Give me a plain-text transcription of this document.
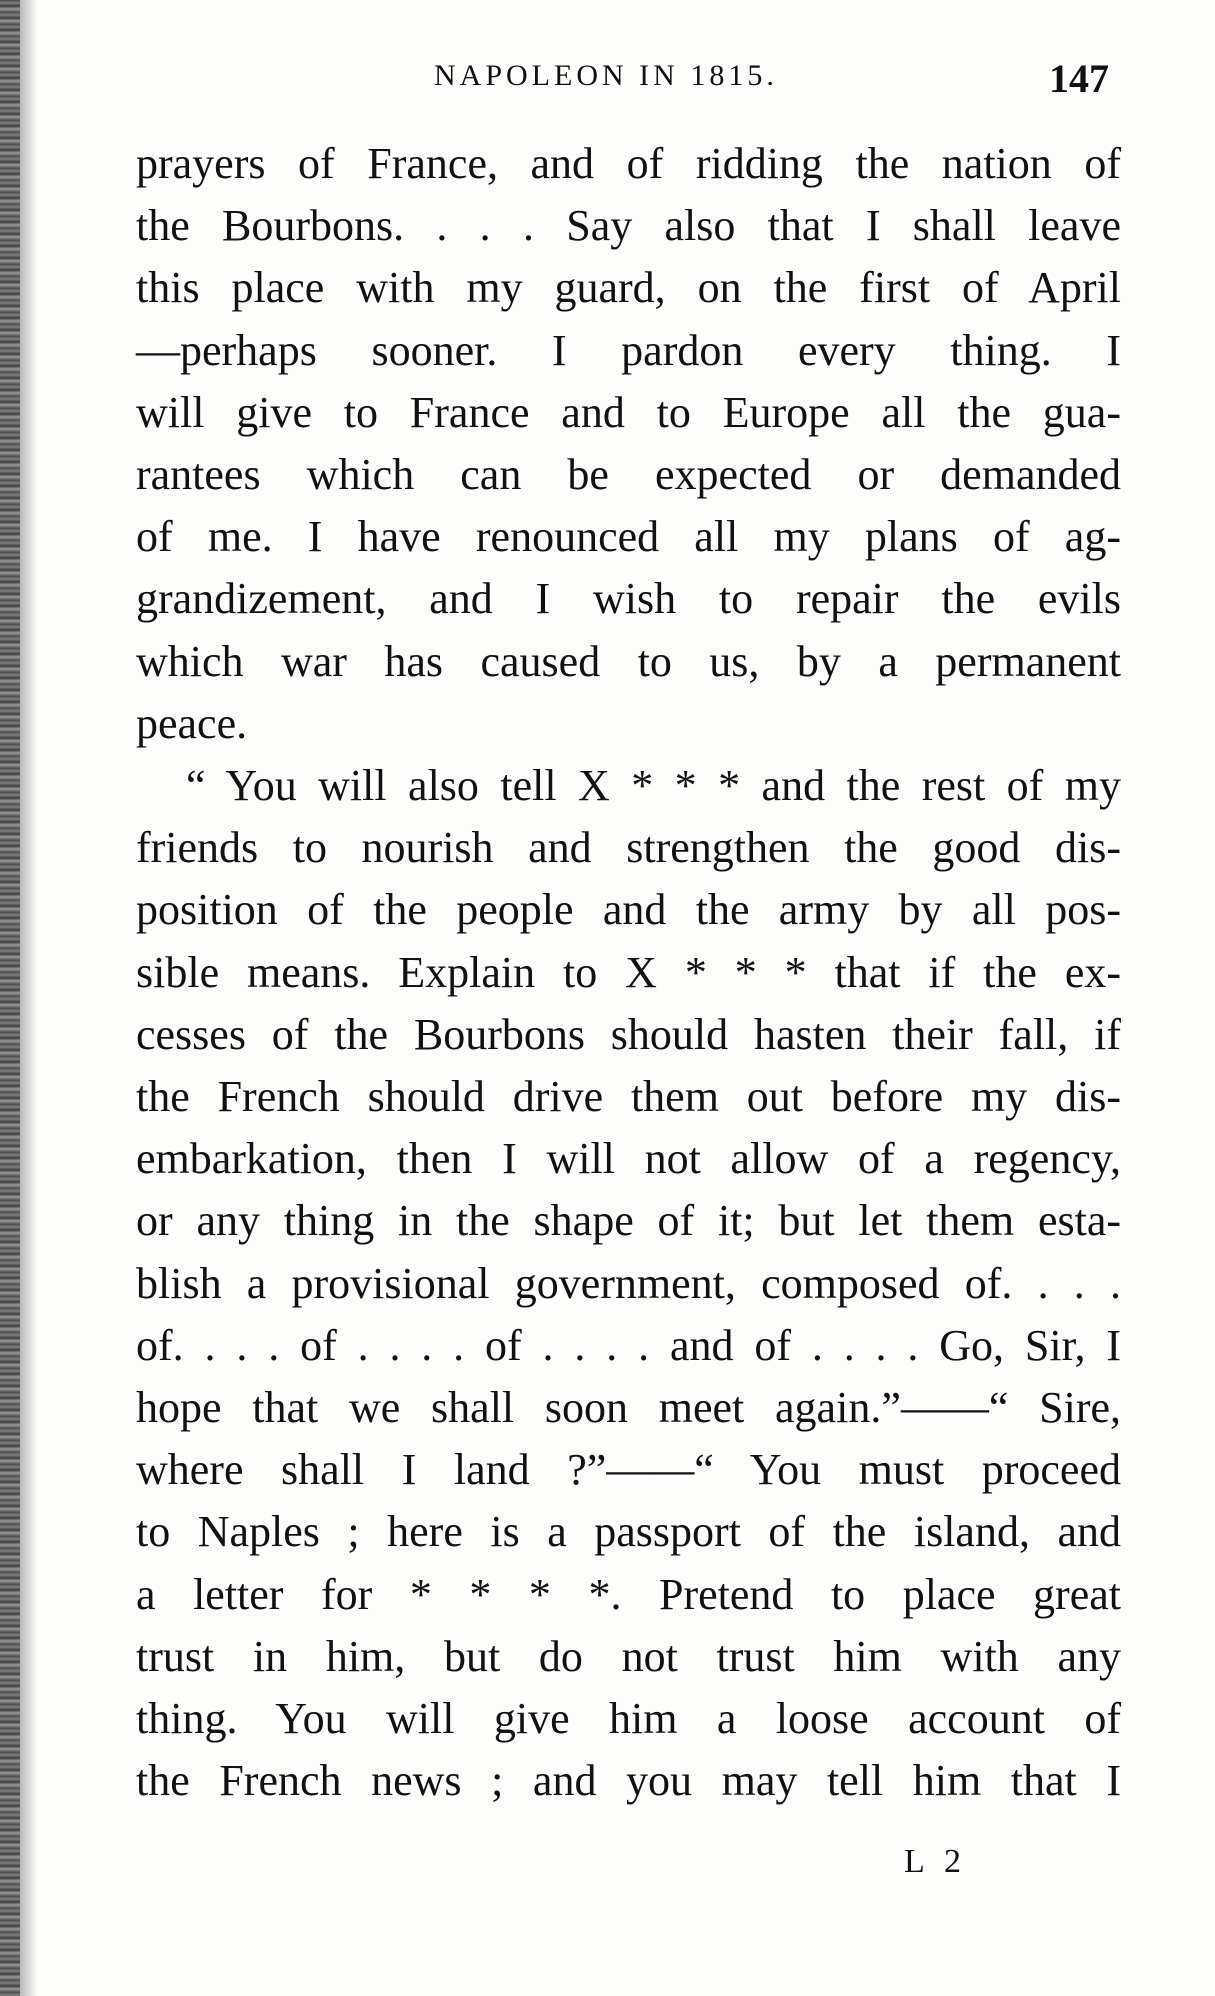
NAPOLEON IN 1815.	147
prayers of France, and of ridding the nation of
the Bourbons. . . . Say also that I shall leave
this place with my guard, on the first of April
—perhaps sooner. I pardon every thing. I
will give to France and to Europe all the gua-
rantees which can be expected or demanded
of me. I have renounced all my plans of ag-
grandizement, and I wish to repair the evils
which war has caused to us, by a permanent
peace.
“ You will also tell X * * * and the rest of my
friends to nourish and strengthen the good dis-
position of the people and the army by all pos-
sible means. Explain to X * * * that if the ex-
cesses of the Bourbons should hasten their fall, if
the French should drive them out before my dis-
embarkation, then I will not allow of a regency,
or any thing in the shape of it; but let them esta-
blish a provisional government, composed of. . . .
of. . . . of . . . . of . . . . and of . . . . Go, Sir, I
hope that we shall soon meet again.”——“ Sire,
where shall I land ?”——“ You must proceed
to Naples ; here is a passport of the island, and
a letter for * * * *. Pretend to place great
trust in him, but do not trust him with any
thing. You will give him a loose account of
the French news ; and you may tell him that I
L 2
